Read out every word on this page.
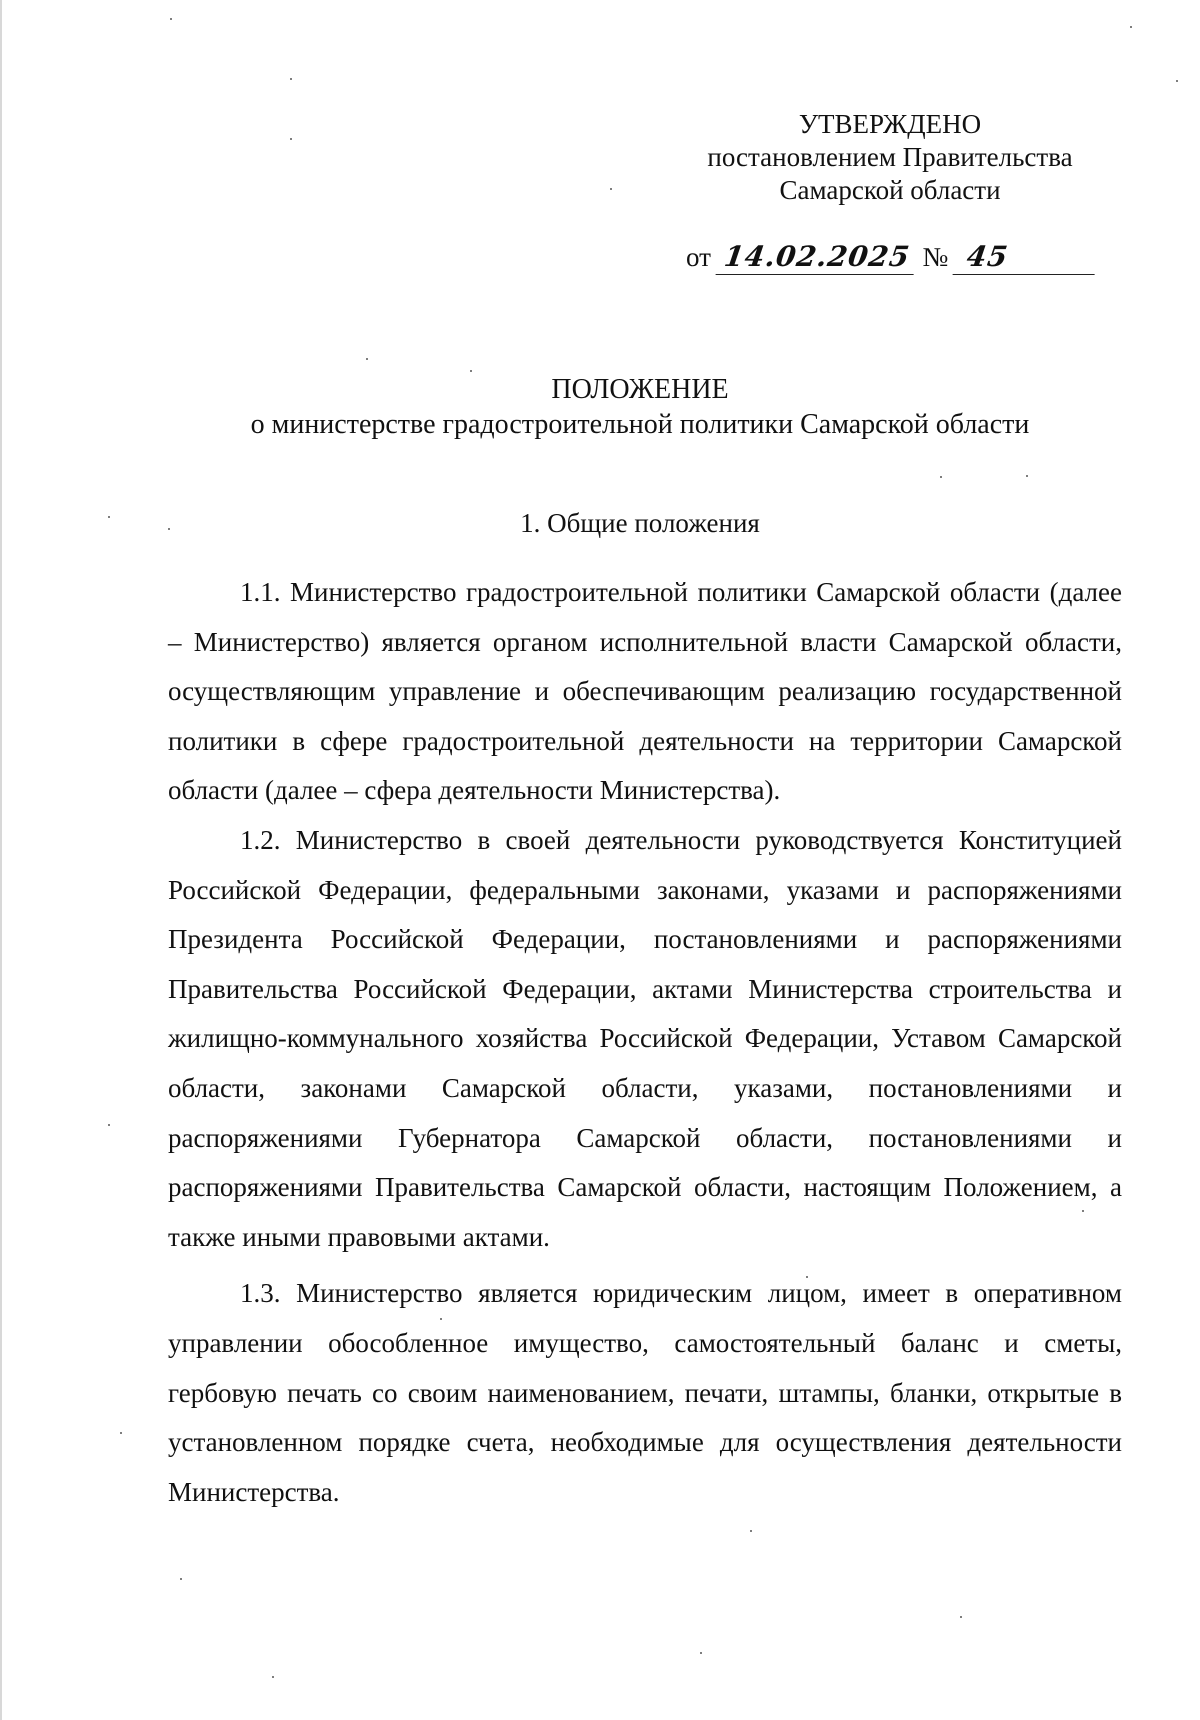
УТВЕРЖДЕНО
постановлением Правительства
Самарской области
от 14.02.2025 № 45
ПОЛОЖЕНИЕ
о министерстве градостроительной политики Самарской области
1. Общие положения

1.1. Министерство градостроительной политики Самарской области (далее – Министерство) является органом исполнительной власти Самарской области, осуществляющим управление и обеспечивающим реализацию государственной политики в сфере градостроительной деятельности на территории Самарской области (далее – сфера деятельности Министерства).

1.2. Министерство в своей деятельности руководствуется Конституцией Российской Федерации, федеральными законами, указами и распоряжениями Президента Российской Федерации, постановлениями и распоряжениями Правительства Российской Федерации, актами Министерства строительства и жилищно-коммунального хозяйства Российской Федерации, Уставом Самарской области, законами Самарской области, указами, постановлениями и распоряжениями Губернатора Самарской области, постановлениями и распоряжениями Правительства Самарской области, настоящим Положением, а также иными правовыми актами.

1.3. Министерство является юридическим лицом, имеет в оперативном управлении обособленное имущество, самостоятельный баланс и сметы, гербовую печать со своим наименованием, печати, штампы, бланки, открытые в установленном порядке счета, необходимые для осуществления деятельности Министерства.
